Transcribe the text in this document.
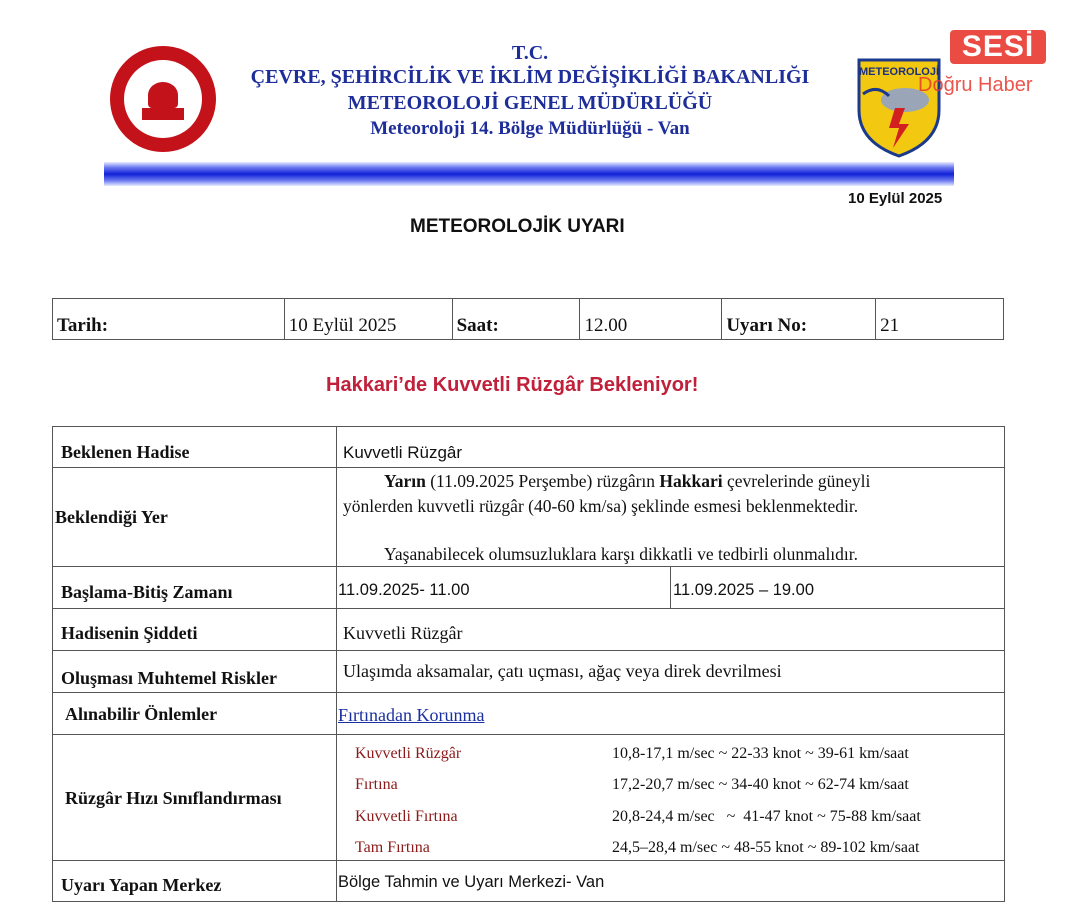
T.C.
ÇEVRE, ŞEHİRCİLİK VE İKLİM DEĞİŞİKLİĞİ BAKANLIĞI
METEOROLOJİ GENEL MÜDÜRLÜĞÜ
Meteoroloji 14. Bölge Müdürlüğü - Van
METEOROLOJİ
SESİ
Doğru Haber
10 Eylül 2025
METEOROLOJİK UYARI
Tarih:	10 Eylül 2025	Saat:	12.00	Uyarı No:	21
Hakkari’de Kuvvetli Rüzgâr Bekleniyor!
Beklenen Hadise	Kuvvetli Rüzgâr
Beklendiği Yer
Yarın (11.09.2025 Perşembe) rüzgârın Hakkari çevrelerinde güneyli
yönlerden kuvvetli rüzgâr (40-60 km/sa) şeklinde esmesi beklenmektedir.
Yaşanabilecek olumsuzluklara karşı dikkatli ve tedbirli olunmalıdır.
Başlama-Bitiş Zamanı	11.09.2025- 11.00	11.09.2025 – 19.00
Hadisenin Şiddeti	Kuvvetli Rüzgâr
Oluşması Muhtemel Riskler	Ulaşımda aksamalar, çatı uçması, ağaç veya direk devrilmesi
Alınabilir Önlemler	Fırtınadan Korunma
Rüzgâr Hızı Sınıflandırması
Kuvvetli Rüzgâr	10,8-17,1 m/sec ~ 22-33 knot ~ 39-61 km/saat
Fırtına	17,2-20,7 m/sec ~ 34-40 knot ~ 62-74 km/saat
Kuvvetli Fırtına	20,8-24,4 m/sec   ~  41-47 knot ~ 75-88 km/saat
Tam Fırtına	24,5–28,4 m/sec ~ 48-55 knot ~ 89-102 km/saat
Uyarı Yapan Merkez	Bölge Tahmin ve Uyarı Merkezi- Van
